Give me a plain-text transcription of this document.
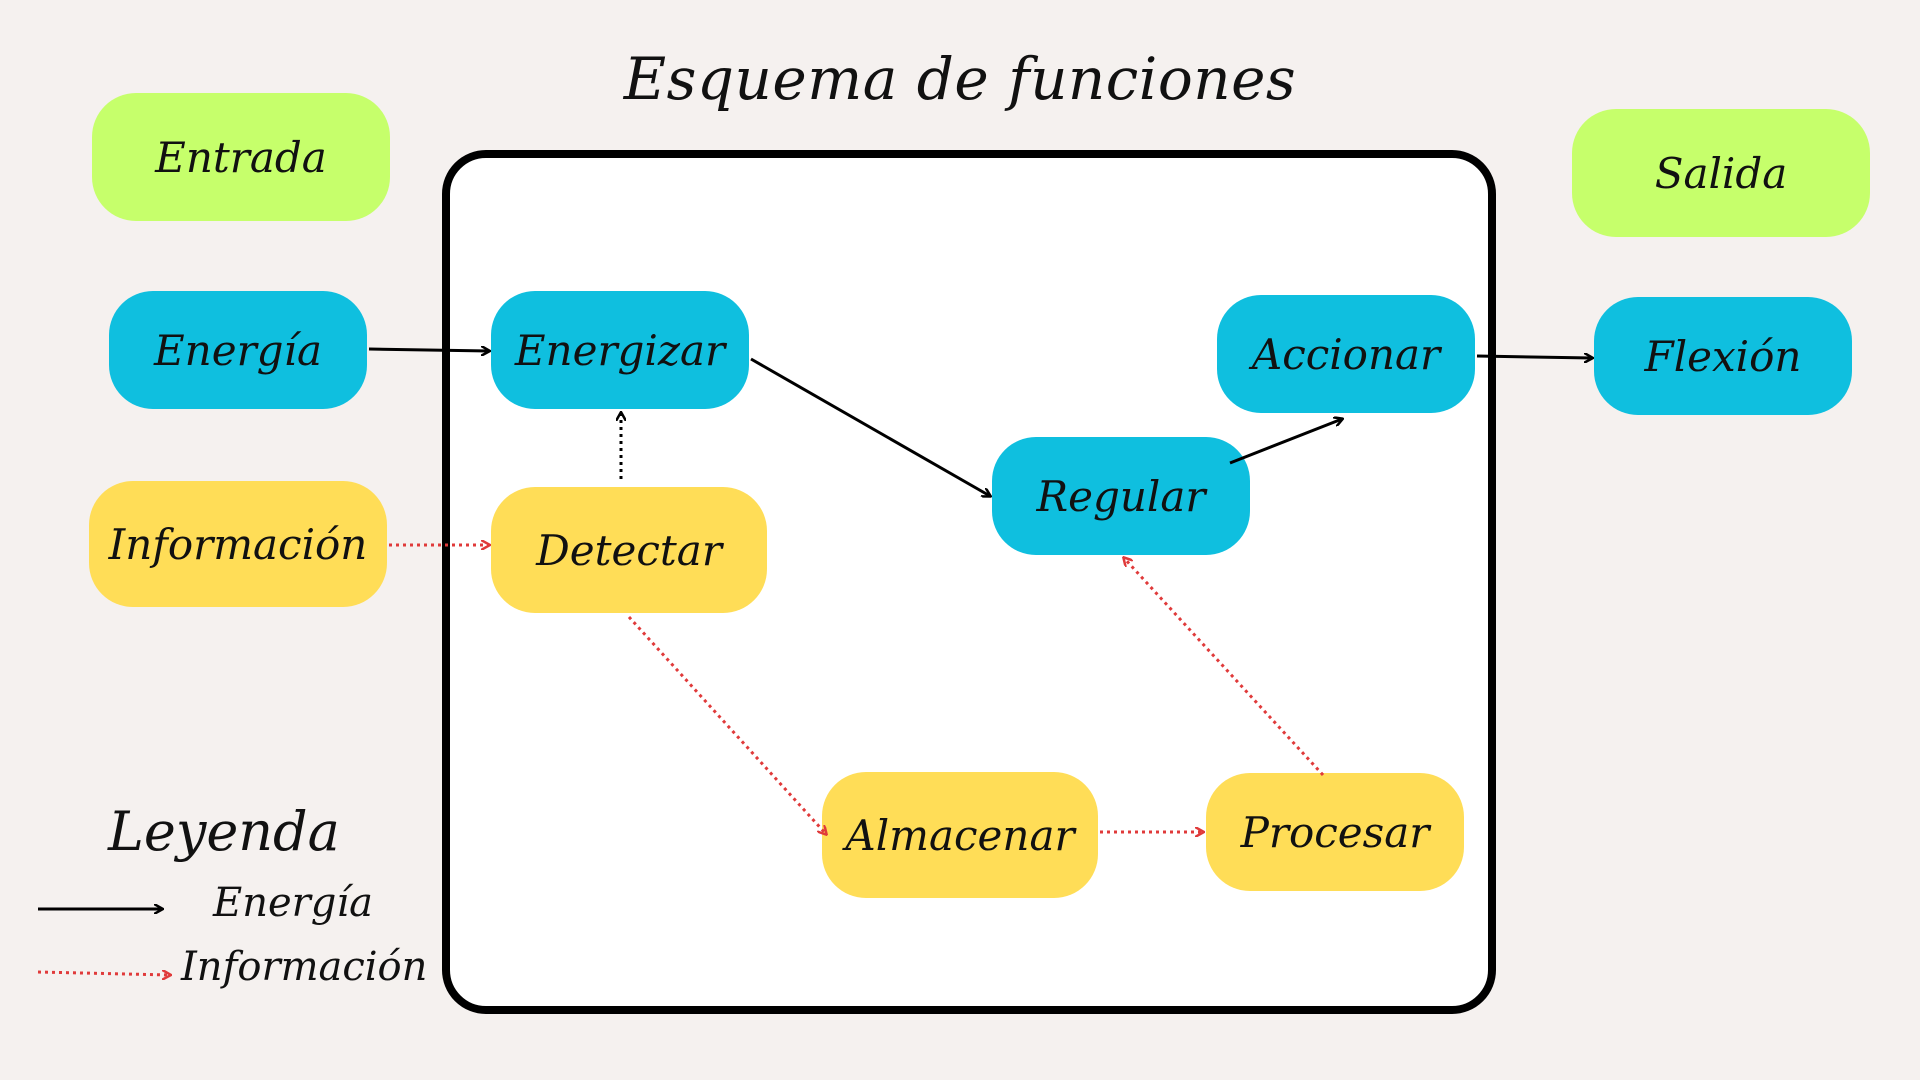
Esquema de funciones
Entrada	Salida
Energía
Información
Energizar
Detectar
Regular
Accionar
Almacenar	Procesar
Flexión
Leyenda
Energía
Información
